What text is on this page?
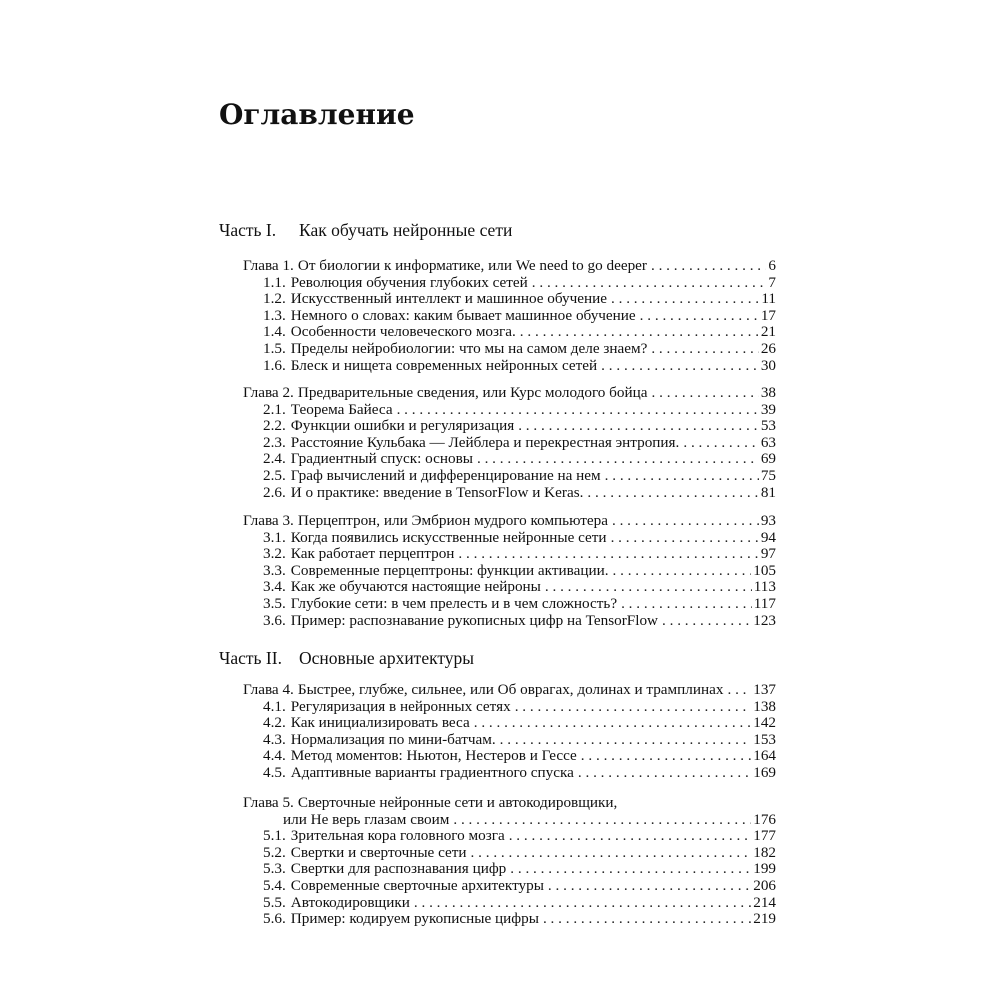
Оглавление
Часть I. Как обучать нейронные сети
Часть II. Основные архитектуры
Глава 1. От биологии к информатике, или We need to go deeper . . .	6
1.1. Революция обучения глубоких сетей . . .	7
1.2. Искусственный интеллект и машинное обучение . . .	11
1.3. Немного о словах: каким бывает машинное обучение . . .	17
1.4. Особенности человеческого мозга. . . .	21
1.5. Пределы нейробиологии: что мы на самом деле знаем? . . .	26
1.6. Блеск и нищета современных нейронных сетей . . .	30
Глава 2. Предварительные сведения, или Курс молодого бойца . . .	38
2.1. Теорема Байеса . . .	39
2.2. Функции ошибки и регуляризация . . .	53
2.3. Расстояние Кульбака — Лейблера и перекрестная энтропия. . . .	63
2.4. Градиентный спуск: основы . . .	69
2.5. Граф вычислений и дифференцирование на нем . . .	75
2.6. И о практике: введение в TensorFlow и Keras. . . .	81
Глава 3. Перцептрон, или Эмбрион мудрого компьютера . . .	93
3.1. Когда появились искусственные нейронные сети . . .	94
3.2. Как работает перцептрон . . .	97
3.3. Современные перцептроны: функции активации. . . .	105
3.4. Как же обучаются настоящие нейроны . . .	113
3.5. Глубокие сети: в чем прелесть и в чем сложность? . . .	117
3.6. Пример: распознавание рукописных цифр на TensorFlow . . .	123
Глава 4. Быстрее, глубже, сильнее, или Об оврагах, долинах и трамплинах . . . 137
4.1. Регуляризация в нейронных сетях . . .	138
4.2. Как инициализировать веса . . .	142
4.3. Нормализация по мини-батчам. . . .	153
4.4. Метод моментов: Ньютон, Нестеров и Гессе . . .	164
4.5. Адаптивные варианты градиентного спуска . . .	169
Глава 5. Сверточные нейронные сети и автокодировщики,
или Не верь глазам своим . . .	176
5.1. Зрительная кора головного мозга . . .	177
5.2. Свертки и сверточные сети . . .	182
5.3. Свертки для распознавания цифр . . .	199
5.4. Современные сверточные архитектуры . . .	206
5.5. Автокодировщики . . .	214
5.6. Пример: кодируем рукописные цифры . . .	219
